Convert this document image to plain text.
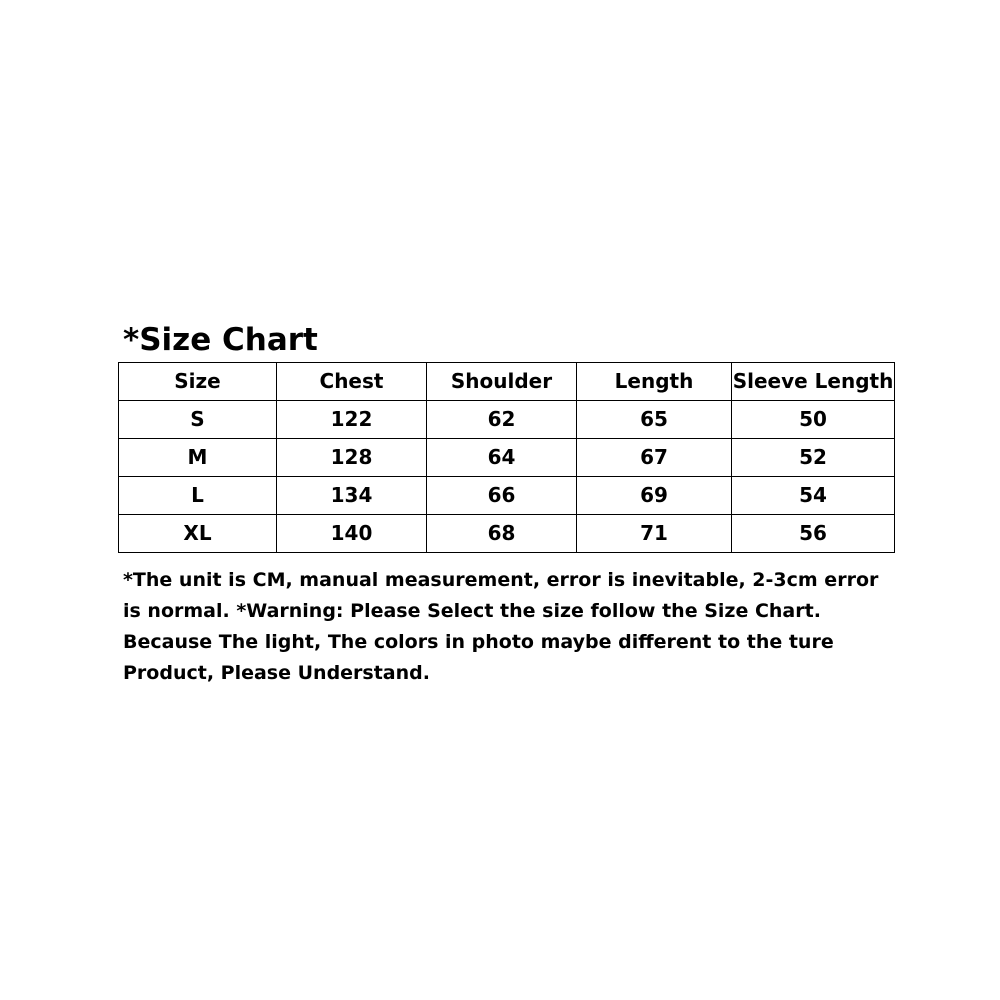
*Size Chart
Size	Chest	Shoulder	Length	Sleeve Length
S	122	62	65	50
M	128	64	67	52
L	134	66	69	54
XL	140	68	71	56
*The unit is CM, manual measurement, error is inevitable, 2-3cm error is normal. *Warning: Please Select the size follow the Size Chart. Because The light, The colors in photo maybe different to the ture Product, Please Understand.
